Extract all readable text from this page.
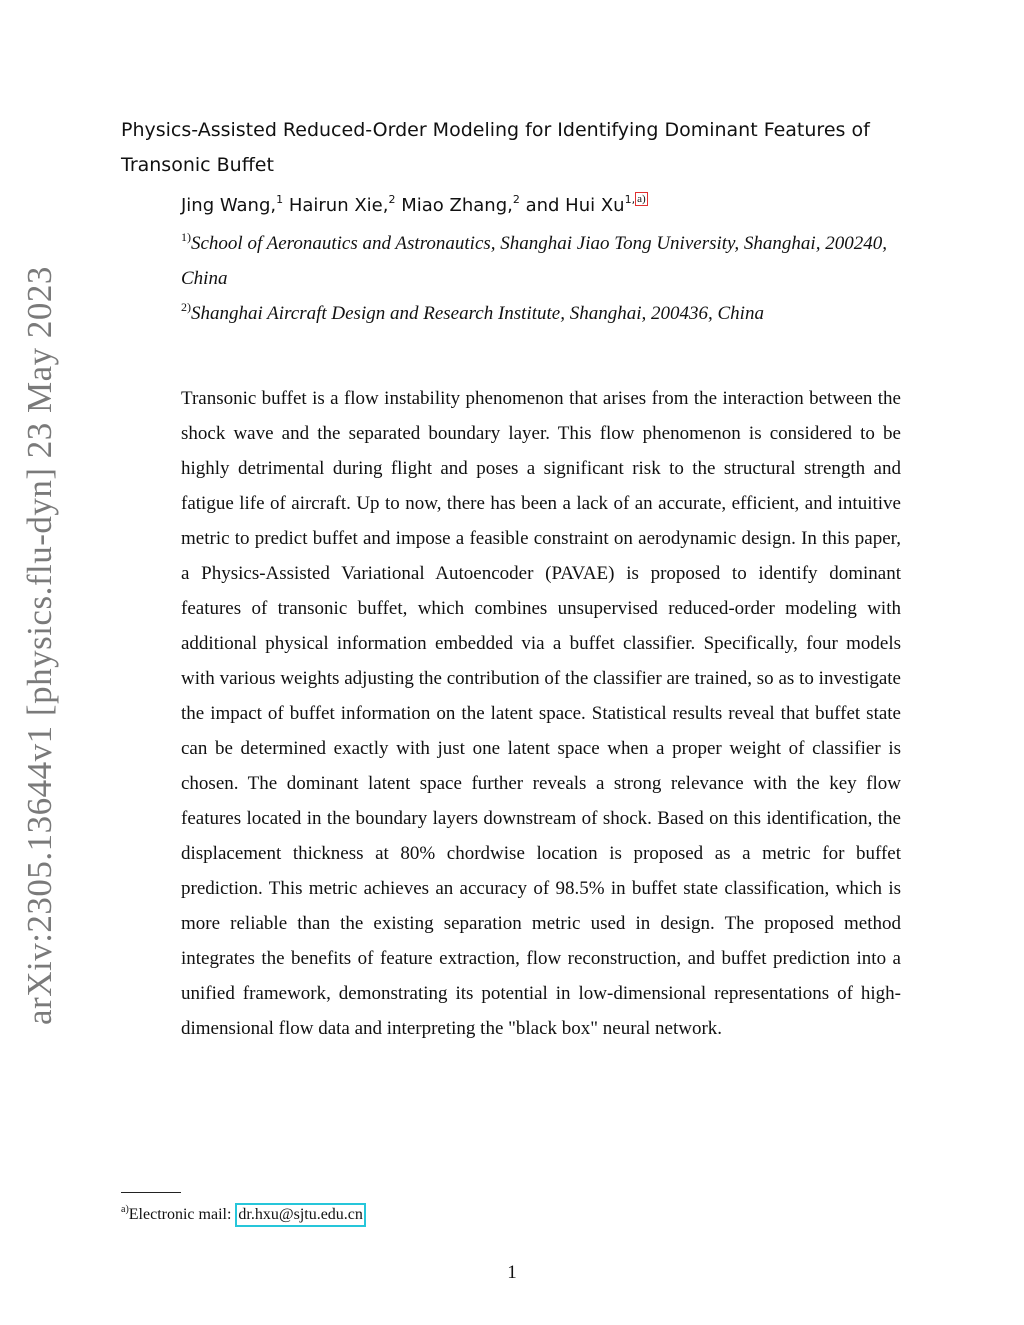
arXiv:2305.13644v1 [physics.flu-dyn] 23 May 2023
Physics-Assisted Reduced-Order Modeling for Identifying Dominant Features of Transonic Buffet
Jing Wang,$^1$ Hairun Xie,$^2$ Miao Zhang,$^2$ and Hui $Xu^{1,}$ a)
$^{1)}$School of Aeronautics and Astronautics, Shanghai Jiao Tong University, Shanghai, 200240, China
$^{2)}$Shanghai Aircraft Design and Research Institute, Shanghai, 200436, China

Transonic buffet is a flow instability phenomenon that arises from the interaction between the shock wave and the separated boundary layer. This flow phenomenon is considered to be highly detrimental during flight and poses a significant risk to the structural strength and fatigue life of aircraft. Up to now, there has been a lack of an accurate, efficient, and intuitive metric to predict buffet and impose a feasible constraint on aerodynamic design. In this paper, a Physics-Assisted Variational Autoencoder (PAVAE) is proposed to identify dominant features of transonic buffet, which combines unsupervised reduced-order modeling with additional physical information embedded via a buffet classifier. Specifically, four models with various weights adjusting the contribution of the classifier are trained, so as to investigate the impact of buffet information on the latent space. Statistical results reveal that buffet state can be determined exactly with just one latent space when a proper weight of classifier is chosen. The dominant latent space further reveals a strong relevance with the key flow features located in the boundary layers downstream of shock. Based on this identification, the displacement thickness at 80% chordwise location is proposed as a metric for buffet prediction. This metric achieves an accuracy of 98.5% in buffet state classification, which is more reliable than the existing separation metric used in design. The proposed method integrates the benefits of feature extraction, flow reconstruction, and buffet prediction into a unified framework, demonstrating its potential in low-dimensional representations of high-dimensional flow data and interpreting the "black box" neural network.

$^{a)}$Electronic mail: dr.hxu@sjtu.edu.cn
1
